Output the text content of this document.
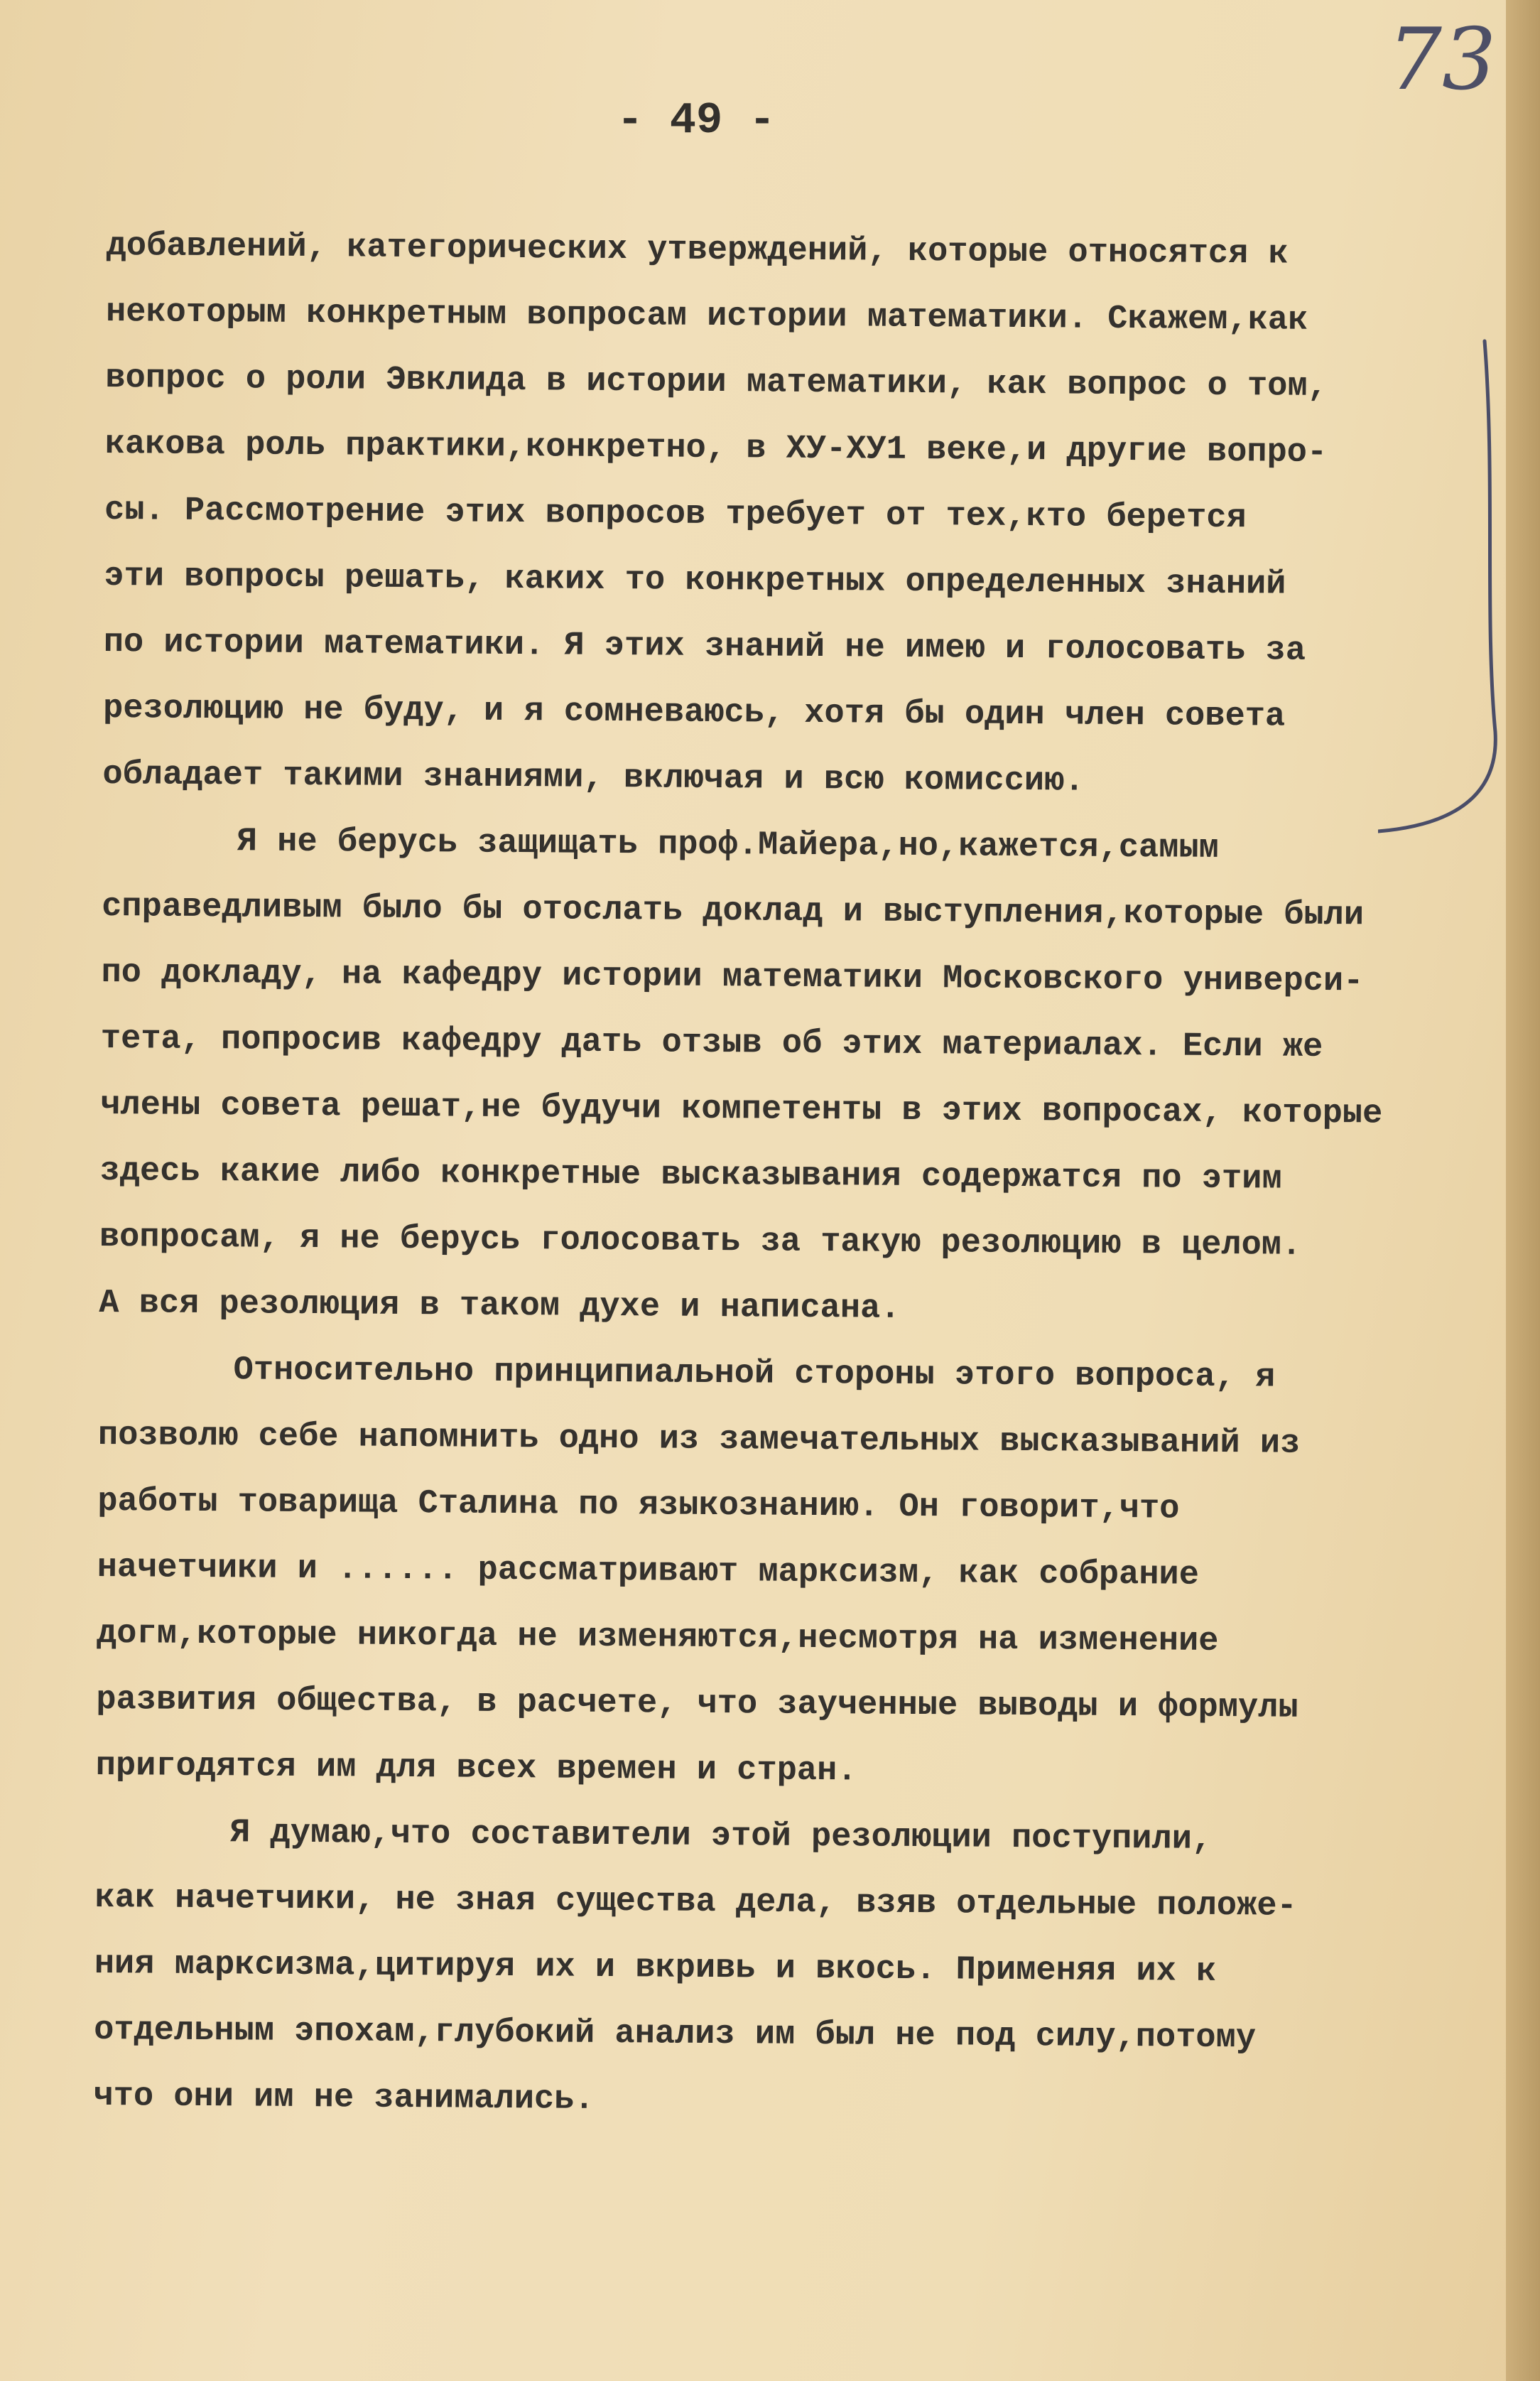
73
- 49 -

добавлений, категорических утверждений, которые относятся к
некоторым конкретным вопросам истории математики. Скажем,как
вопрос о роли Эвклида в истории математики, как вопрос о том,
какова роль практики,конкретно, в ХУ-ХУ1 веке,и другие вопро-
сы. Рассмотрение этих вопросов требует от тех,кто берется
эти вопросы решать, каких то конкретных определенных знаний
по истории математики. Я этих знаний не имею и голосовать за
резолюцию не буду, и я сомневаюсь, хотя бы один член совета
обладает такими знаниями, включая и всю комиссию.

Я не берусь защищать проф.Майера,но,кажется,самым
справедливым было бы отослать доклад и выступления,которые были
по докладу, на кафедру истории математики Московского универси-
тета, попросив кафедру дать отзыв об этих материалах. Если же
члены совета решат,не будучи компетенты в этих вопросах, которые
здесь какие либо конкретные высказывания содержатся по этим
вопросам, я не берусь голосовать за такую резолюцию в целом.
А вся резолюция в таком духе и написана.

Относительно принципиальной стороны этого вопроса, я
позволю себе напомнить одно из замечательных высказываний из
работы товарища Сталина по языкознанию. Он говорит,что
начетчики и ...... рассматривают марксизм, как собрание
догм,которые никогда не изменяются,несмотря на изменение
развития общества, в расчете, что заученные выводы и формулы
пригодятся им для всех времен и стран.

Я думаю,что составители этой резолюции поступили,
как начетчики, не зная существа дела, взяв отдельные положе-
ния марксизма,цитируя их и вкривь и вкось. Применяя их к
отдельным эпохам,глубокий анализ им был не под силу,потому
что они им не занимались.
